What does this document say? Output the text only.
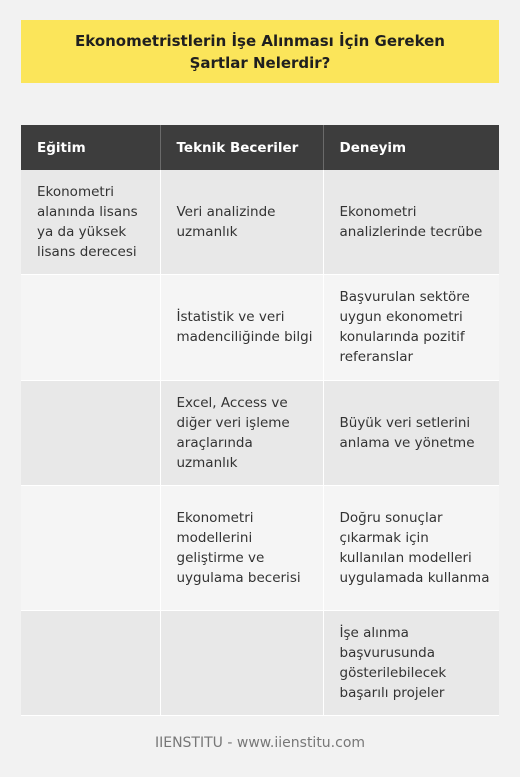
Ekonometristlerin İşe Alınması İçin Gereken Şartlar Nelerdir?
Eğitim	Teknik Beceriler	Deneyim
Ekonometri alanında lisans ya da yüksek lisans derecesi	Veri analizinde uzmanlık	Ekonometri analizlerinde tecrübe
	İstatistik ve veri madenciliğinde bilgi	Başvurulan sektöre uygun ekonometri konularında pozitif referanslar
	Excel, Access ve diğer veri işleme araçlarında uzmanlık	Büyük veri setlerini anlama ve yönetme
	Ekonometri modellerini geliştirme ve uygulama becerisi	Doğru sonuçlar çıkarmak için kullanılan modelleri uygulamada kullanma
		İşe alınma başvurusunda gösterilebilecek başarılı projeler
IIENSTITU - www.iienstitu.com
